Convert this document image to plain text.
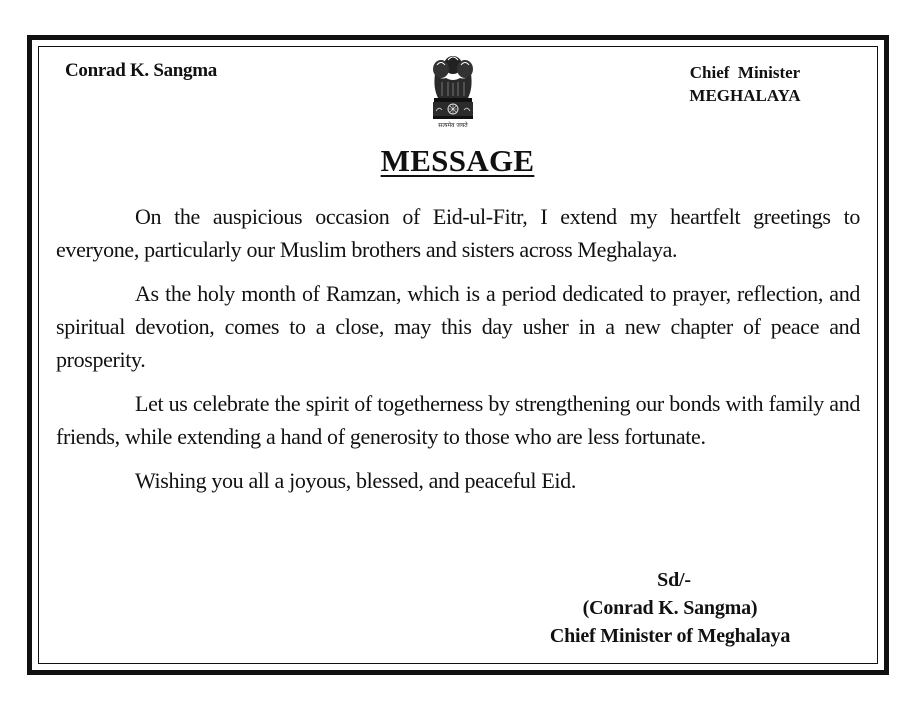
Conrad K. Sangma
सत्यमेव जयते
Chief  Minister
MEGHALAYA
MESSAGE

On the auspicious occasion of Eid-ul-Fitr, I extend my heartfelt greetings to everyone, particularly our Muslim brothers and sisters across Meghalaya.

As the holy month of Ramzan, which is a period dedicated to prayer, reflection, and spiritual devotion, comes to a close, may this day usher in a new chapter of peace and prosperity.

Let us celebrate the spirit of togetherness by strengthening our bonds with family and friends, while extending a hand of generosity to those who are less fortunate.

Wishing you all a joyous, blessed, and peaceful Eid.

Sd/-
(Conrad K. Sangma)
Chief Minister of Meghalaya
